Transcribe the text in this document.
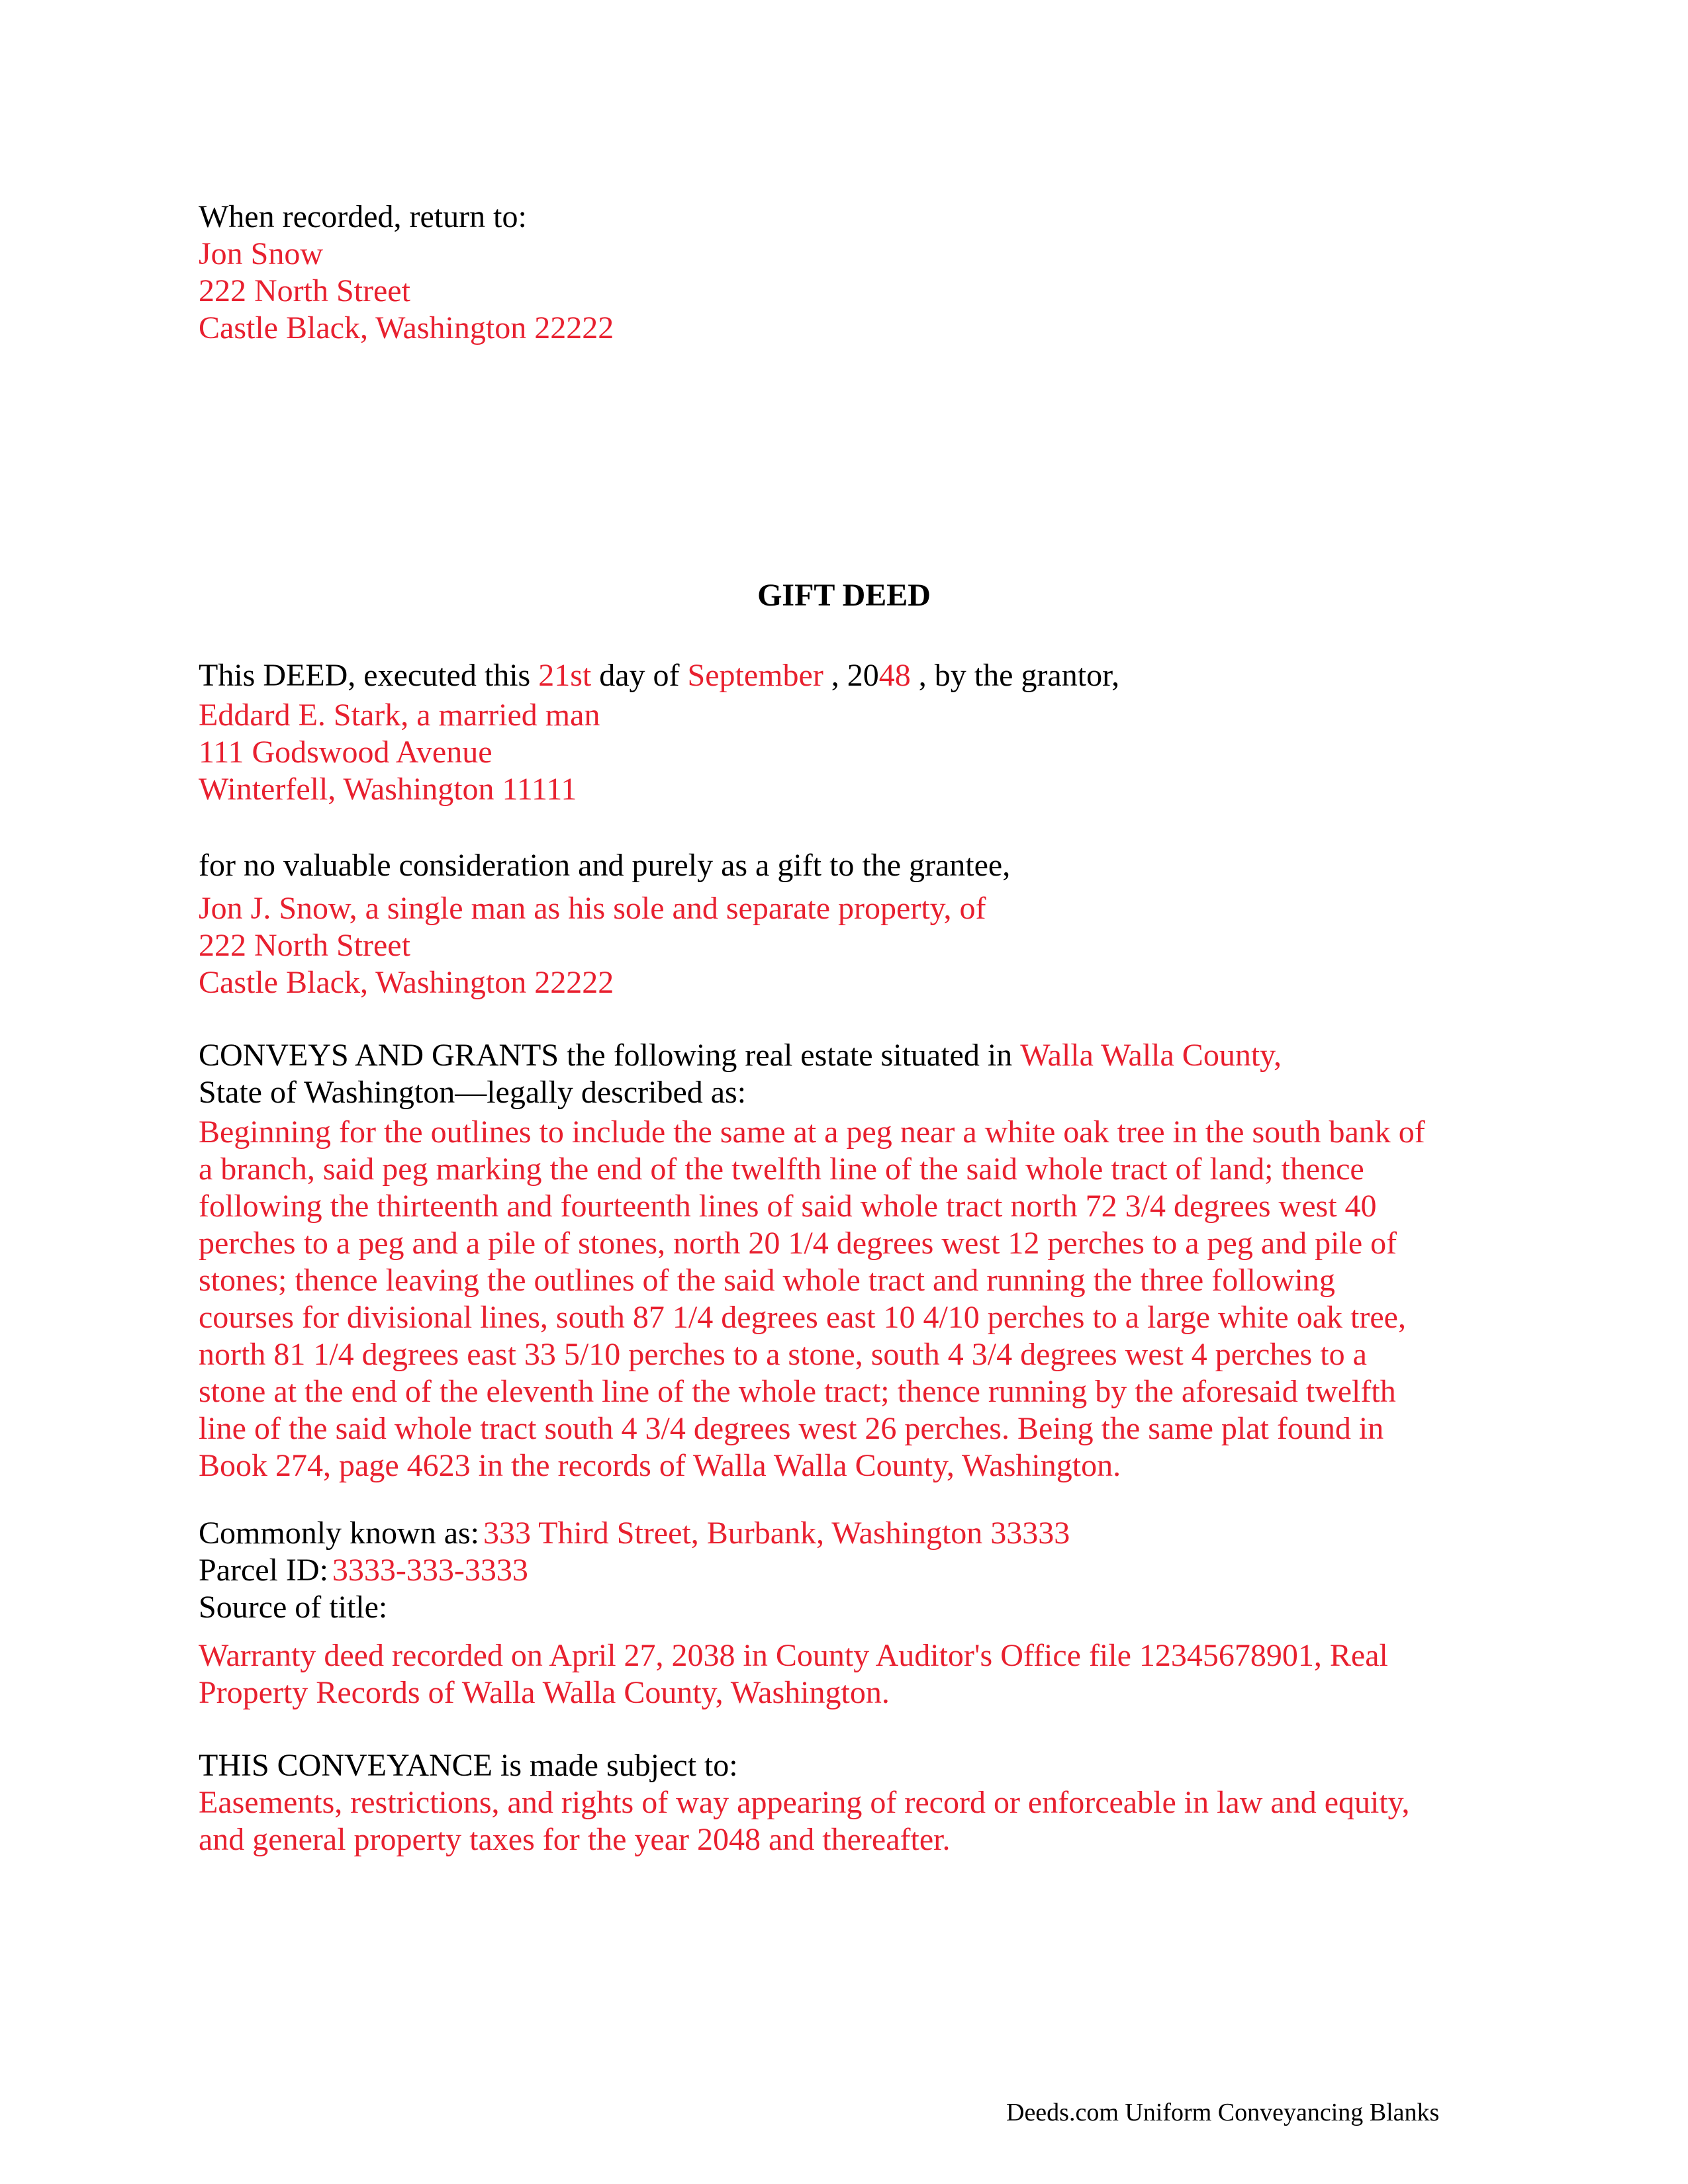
When recorded, return to:
Jon Snow
222 North Street
Castle Black, Washington 22222
GIFT DEED
This DEED, executed this 21st day of September , 2048 , by the grantor,
Eddard E. Stark, a married man
111 Godswood Avenue
Winterfell, Washington 11111
for no valuable consideration and purely as a gift to the grantee,
Jon J. Snow, a single man as his sole and separate property, of
222 North Street
Castle Black, Washington 22222
CONVEYS AND GRANTS the following real estate situated in Walla Walla County,
State of Washington—legally described as:
Beginning for the outlines to include the same at a peg near a white oak tree in the south bank of
a branch, said peg marking the end of the twelfth line of the said whole tract of land; thence
following the thirteenth and fourteenth lines of said whole tract north 72 3/4 degrees west 40
perches to a peg and a pile of stones, north 20 1/4 degrees west 12 perches to a peg and pile of
stones; thence leaving the outlines of the said whole tract and running the three following
courses for divisional lines, south 87 1/4 degrees east 10 4/10 perches to a large white oak tree,
north 81 1/4 degrees east 33 5/10 perches to a stone, south 4 3/4 degrees west 4 perches to a
stone at the end of the eleventh line of the whole tract; thence running by the aforesaid twelfth
line of the said whole tract south 4 3/4 degrees west 26 perches. Being the same plat found in
Book 274, page 4623 in the records of Walla Walla County, Washington.
Commonly known as: 333 Third Street, Burbank, Washington 33333
Parcel ID: 3333-333-3333
Source of title:
Warranty deed recorded on April 27, 2038 in County Auditor's Office file 12345678901, Real
Property Records of Walla Walla County, Washington.
THIS CONVEYANCE is made subject to:
Easements, restrictions, and rights of way appearing of record or enforceable in law and equity,
and general property taxes for the year 2048 and thereafter.
Deeds.com Uniform Conveyancing Blanks
